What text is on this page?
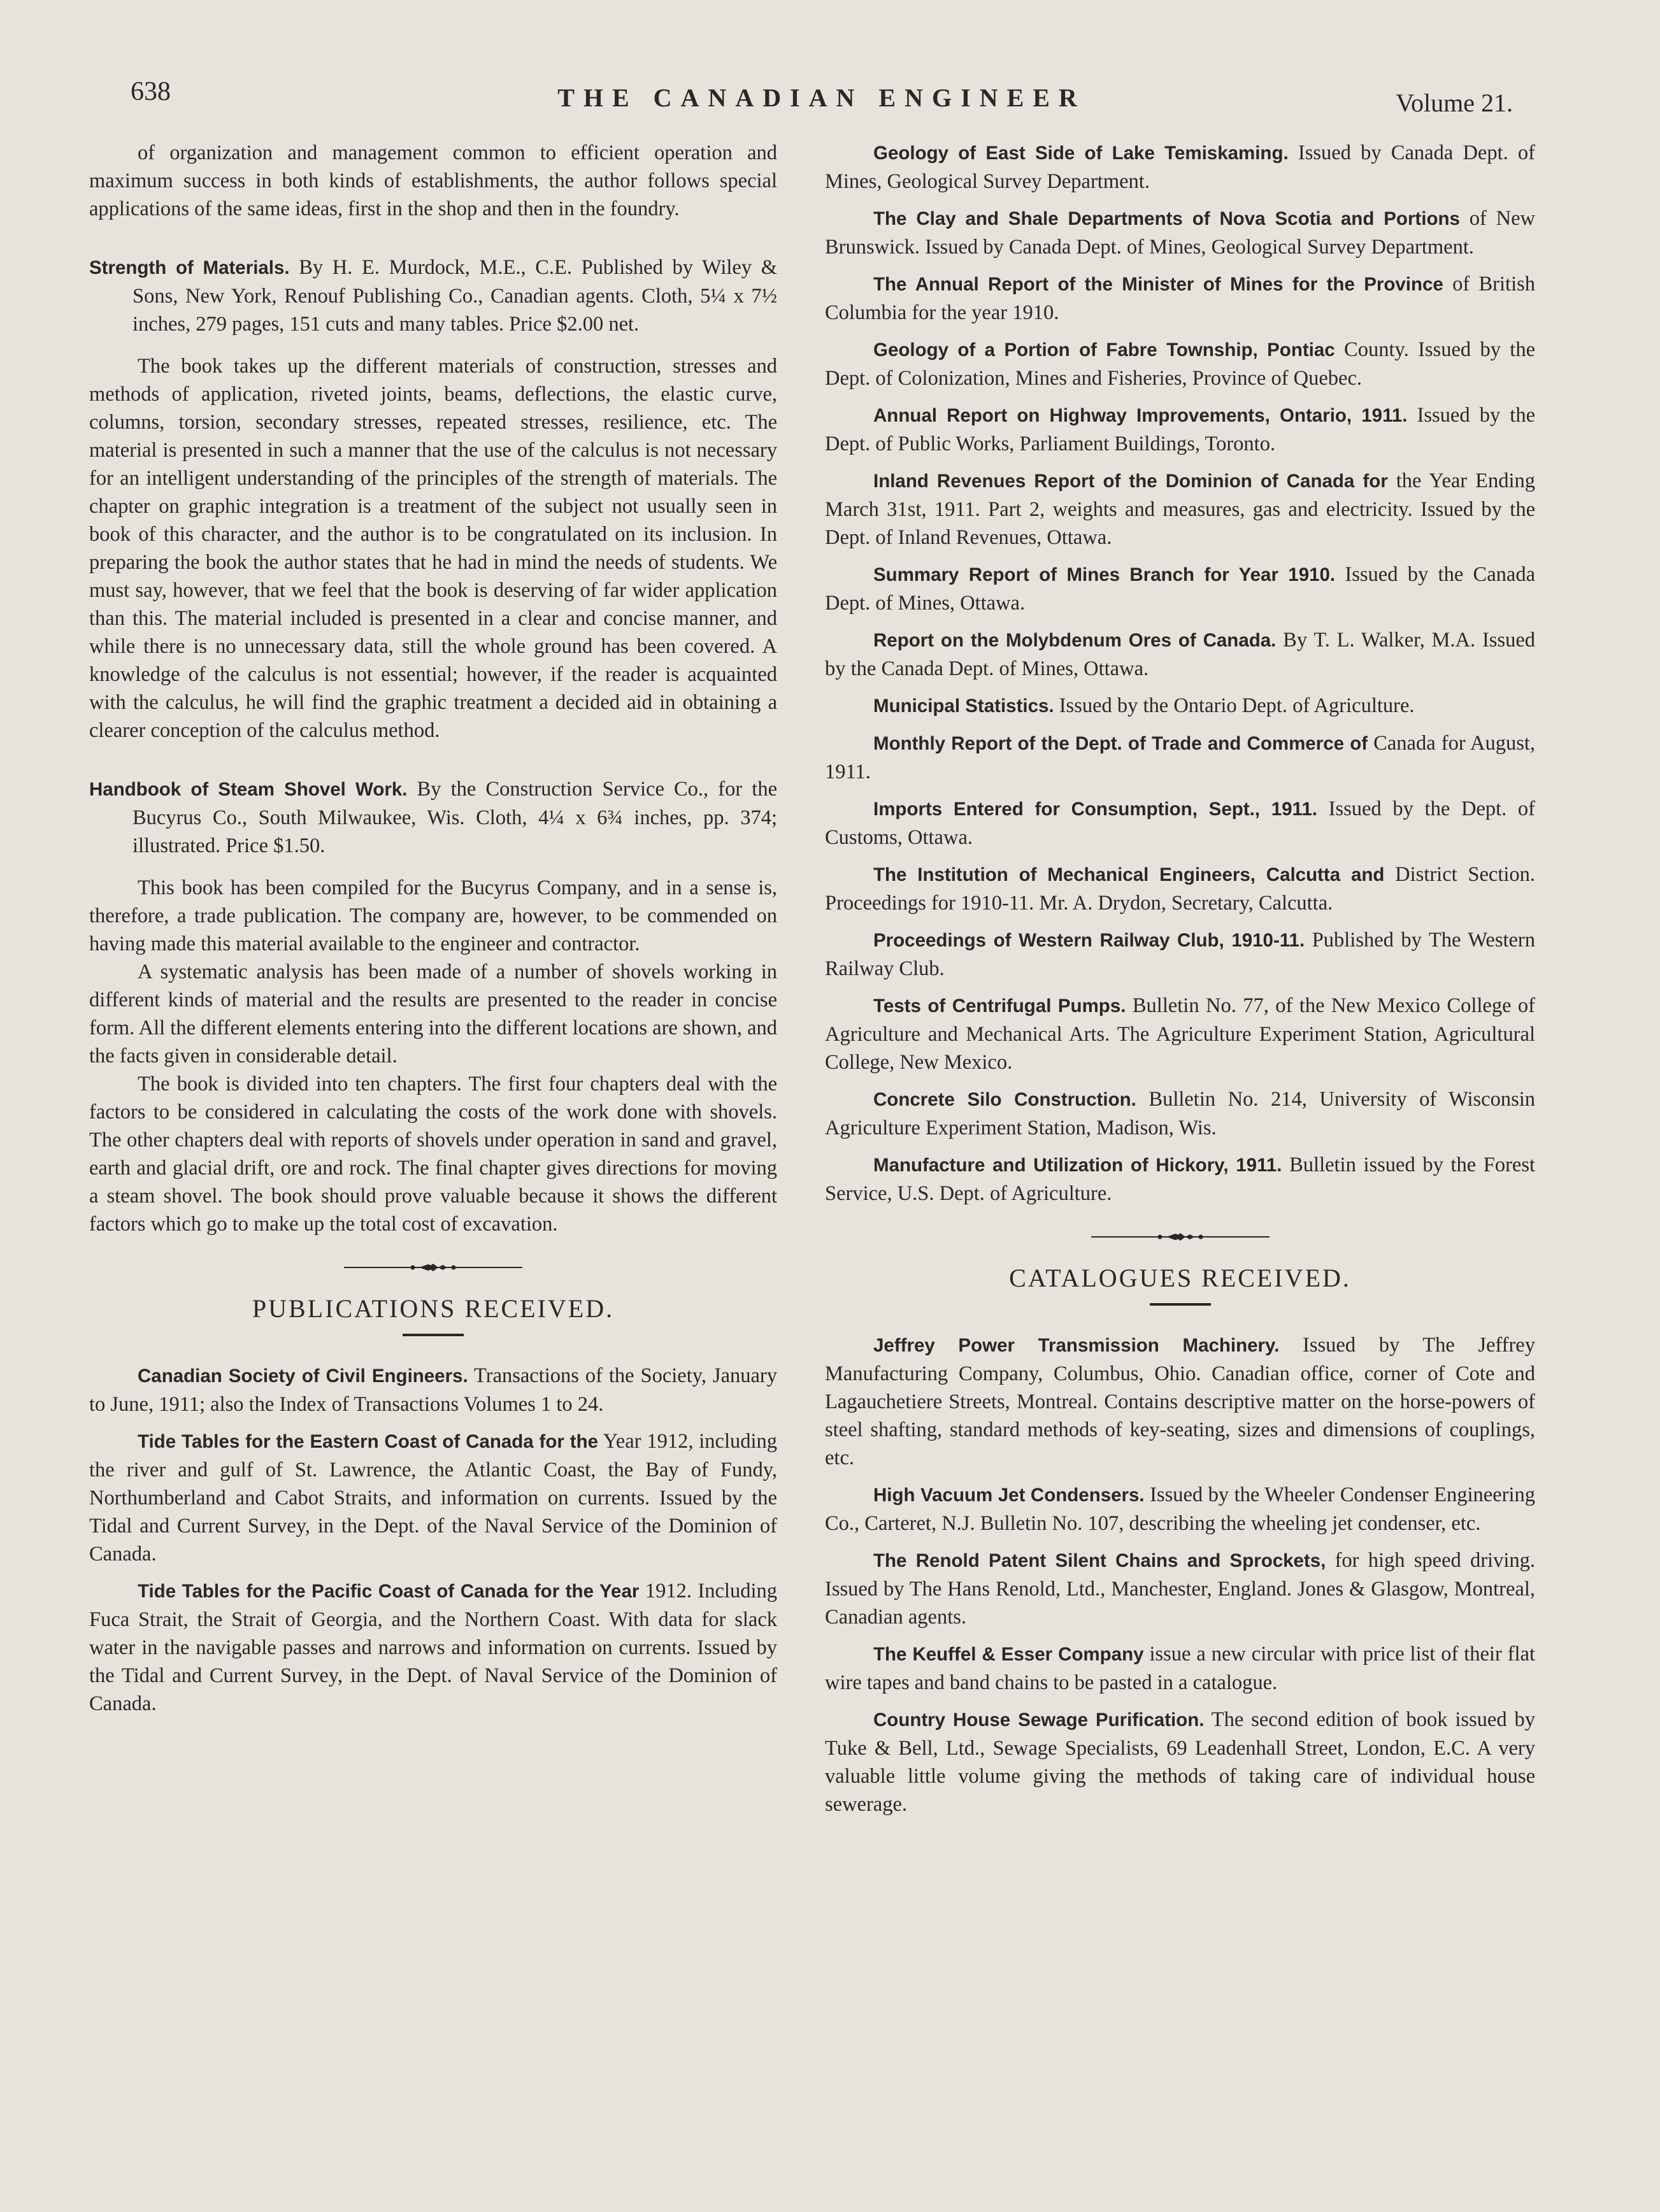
638	THE CANADIAN ENGINEER	Volume 21.

of organization and management common to efficient operation and maximum success in both kinds of establishments, the author follows special applications of the same ideas, first in the shop and then in the foundry.

Strength of Materials. By H. E. Murdock, M.E., C.E. Published by Wiley & Sons, New York, Renouf Publishing Co., Canadian agents. Cloth, 5¼ x 7½ inches, 279 pages, 151 cuts and many tables. Price $2.00 net.

The book takes up the different materials of construction, stresses and methods of application, riveted joints, beams, deflections, the elastic curve, columns, torsion, secondary stresses, repeated stresses, resilience, etc. The material is presented in such a manner that the use of the calculus is not necessary for an intelligent understanding of the principles of the strength of materials. The chapter on graphic integration is a treatment of the subject not usually seen in book of this character, and the author is to be congratulated on its inclusion. In preparing the book the author states that he had in mind the needs of students. We must say, however, that we feel that the book is deserving of far wider application than this. The material included is presented in a clear and concise manner, and while there is no unnecessary data, still the whole ground has been covered. A knowledge of the calculus is not essential; however, if the reader is acquainted with the calculus, he will find the graphic treatment a decided aid in obtaining a clearer conception of the calculus method.

Handbook of Steam Shovel Work. By the Construction Service Co., for the Bucyrus Co., South Milwaukee, Wis. Cloth, 4¼ x 6¾ inches, pp. 374; illustrated. Price $1.50.

This book has been compiled for the Bucyrus Company, and in a sense is, therefore, a trade publication. The company are, however, to be commended on having made this material available to the engineer and contractor.

A systematic analysis has been made of a number of shovels working in different kinds of material and the results are presented to the reader in concise form. All the different elements entering into the different locations are shown, and the facts given in considerable detail.

The book is divided into ten chapters. The first four chapters deal with the factors to be considered in calculating the costs of the work done with shovels. The other chapters deal with reports of shovels under operation in sand and gravel, earth and glacial drift, ore and rock. The final chapter gives directions for moving a steam shovel. The book should prove valuable because it shows the different factors which go to make up the total cost of excavation.

PUBLICATIONS RECEIVED.

Canadian Society of Civil Engineers. Transactions of the Society, January to June, 1911; also the Index of Transactions Volumes 1 to 24.

Tide Tables for the Eastern Coast of Canada for the Year 1912, including the river and gulf of St. Lawrence, the Atlantic Coast, the Bay of Fundy, Northumberland and Cabot Straits, and information on currents. Issued by the Tidal and Current Survey, in the Dept. of the Naval Service of the Dominion of Canada.

Tide Tables for the Pacific Coast of Canada for the Year 1912. Including Fuca Strait, the Strait of Georgia, and the Northern Coast. With data for slack water in the navigable passes and narrows and information on currents. Issued by the Tidal and Current Survey, in the Dept. of Naval Service of the Dominion of Canada.

Geology of East Side of Lake Temiskaming. Issued by Canada Dept. of Mines, Geological Survey Department.

The Clay and Shale Departments of Nova Scotia and Portions of New Brunswick. Issued by Canada Dept. of Mines, Geological Survey Department.

The Annual Report of the Minister of Mines for the Province of British Columbia for the year 1910.

Geology of a Portion of Fabre Township, Pontiac County. Issued by the Dept. of Colonization, Mines and Fisheries, Province of Quebec.

Annual Report on Highway Improvements, Ontario, 1911. Issued by the Dept. of Public Works, Parliament Buildings, Toronto.

Inland Revenues Report of the Dominion of Canada for the Year Ending March 31st, 1911. Part 2, weights and measures, gas and electricity. Issued by the Dept. of Inland Revenues, Ottawa.

Summary Report of Mines Branch for Year 1910. Issued by the Canada Dept. of Mines, Ottawa.

Report on the Molybdenum Ores of Canada. By T. L. Walker, M.A. Issued by the Canada Dept. of Mines, Ottawa.

Municipal Statistics. Issued by the Ontario Dept. of Agriculture.

Monthly Report of the Dept. of Trade and Commerce of Canada for August, 1911.

Imports Entered for Consumption, Sept., 1911. Issued by the Dept. of Customs, Ottawa.

The Institution of Mechanical Engineers, Calcutta and District Section. Proceedings for 1910-11. Mr. A. Drydon, Secretary, Calcutta.

Proceedings of Western Railway Club, 1910-11. Published by The Western Railway Club.

Tests of Centrifugal Pumps. Bulletin No. 77, of the New Mexico College of Agriculture and Mechanical Arts. The Agriculture Experiment Station, Agricultural College, New Mexico.

Concrete Silo Construction. Bulletin No. 214, University of Wisconsin Agriculture Experiment Station, Madison, Wis.

Manufacture and Utilization of Hickory, 1911. Bulletin issued by the Forest Service, U.S. Dept. of Agriculture.

CATALOGUES RECEIVED.

Jeffrey Power Transmission Machinery. Issued by The Jeffrey Manufacturing Company, Columbus, Ohio. Canadian office, corner of Cote and Lagauchetiere Streets, Montreal. Contains descriptive matter on the horse-powers of steel shafting, standard methods of key-seating, sizes and dimensions of couplings, etc.

High Vacuum Jet Condensers. Issued by the Wheeler Condenser Engineering Co., Carteret, N.J. Bulletin No. 107, describing the wheeling jet condenser, etc.

The Renold Patent Silent Chains and Sprockets, for high speed driving. Issued by The Hans Renold, Ltd., Manchester, England. Jones & Glasgow, Montreal, Canadian agents.

The Keuffel & Esser Company issue a new circular with price list of their flat wire tapes and band chains to be pasted in a catalogue.

Country House Sewage Purification. The second edition of book issued by Tuke & Bell, Ltd., Sewage Specialists, 69 Leadenhall Street, London, E.C. A very valuable little volume giving the methods of taking care of individual house sewerage.
